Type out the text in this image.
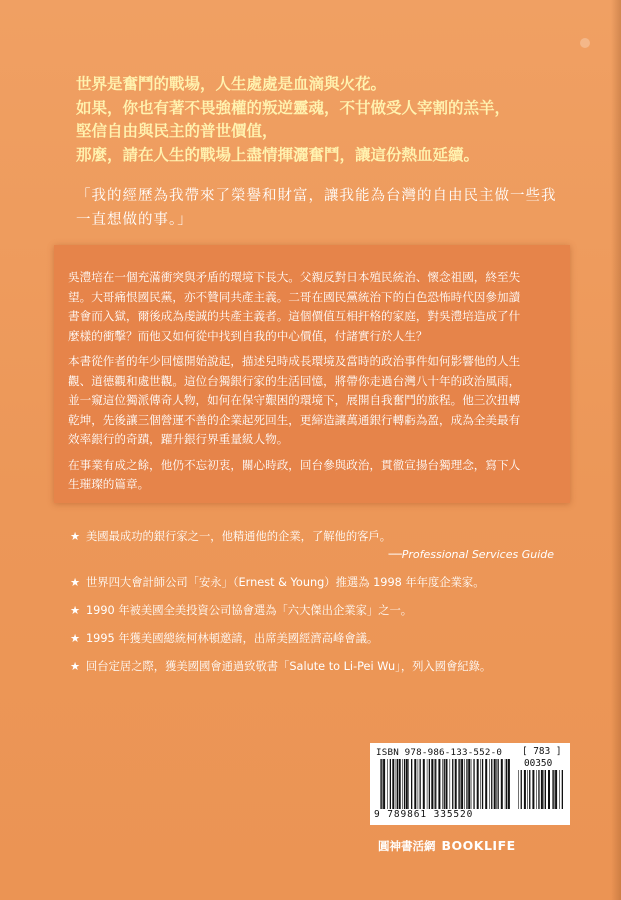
世界是奮鬥的戰場，人生處處是血滴與火花。
如果，你也有著不畏強權的叛逆靈魂，不甘做受人宰割的羔羊，
堅信自由與民主的普世價值，
那麼，請在人生的戰場上盡情揮灑奮鬥，讓這份熱血延續。
「我的經歷為我帶來了榮譽和財富，讓我能為台灣的自由民主做一些我
一直想做的事。」

吳澧培在一個充滿衝突與矛盾的環境下長大。父親反對日本殖民統治、懷念祖國，終至失
望。大哥痛恨國民黨，亦不贊同共產主義。二哥在國民黨統治下的白色恐怖時代因參加讀
書會而入獄，爾後成為虔誠的共產主義者。這個價值互相扞格的家庭，對吳澧培造成了什
麼樣的衝擊？而他又如何從中找到自我的中心價值，付諸實行於人生？

本書從作者的年少回憶開始說起，描述兒時成長環境及當時的政治事件如何影響他的人生
觀、道德觀和處世觀。這位台獨銀行家的生活回憶，將帶你走過台灣八十年的政治風雨，
並一窺這位獨派傳奇人物，如何在保守艱困的環境下，展開自我奮鬥的旅程。他三次扭轉
乾坤，先後讓三個營運不善的企業起死回生，更締造讓萬通銀行轉虧為盈，成為全美最有
效率銀行的奇蹟，躍升銀行界重量級人物。

在事業有成之餘，他仍不忘初衷，關心時政，回台參與政治，貫徹宣揚台獨理念，寫下人
生璀璨的篇章。

★ 美國最成功的銀行家之一，他精通他的企業，了解他的客戶。
──Professional Services Guide
★ 世界四大會計師公司「安永」（Ernest & Young）推選為 1998 年年度企業家。
★ 1990 年被美國全美投資公司協會選為「六大傑出企業家」之一。
★ 1995 年獲美國總統柯林頓邀請，出席美國經濟高峰會議。
★ 回台定居之際，獲美國國會通過致敬書「Salute to Li-Pei Wu」，列入國會紀錄。
ISBN 978-986-133-552-0 [ 783 ]
00350
9 789861 335520
圓神書活網 BOOKLIFE
